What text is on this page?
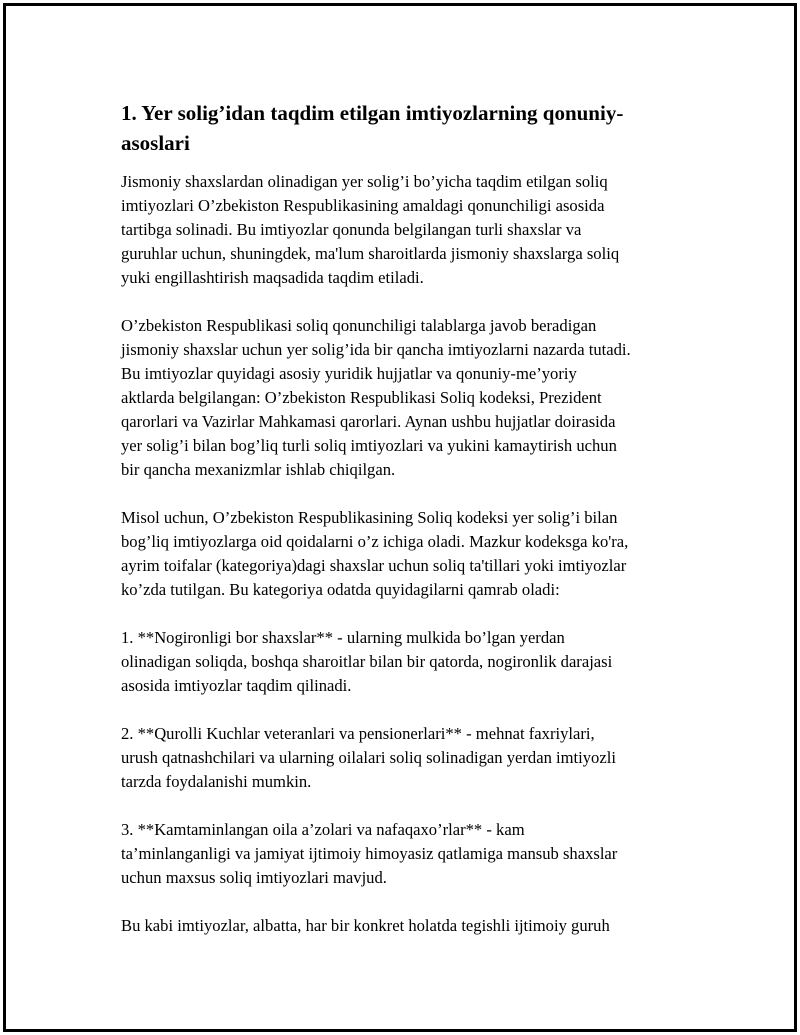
1. Yer solig’idan taqdim etilgan imtiyozlarning qonuniy- asoslari

Jismoniy shaxslardan olinadigan yer solig’i bo’yicha taqdim etilgan soliq
imtiyozlari O’zbekiston Respublikasining amaldagi qonunchiligi asosida
tartibga solinadi. Bu imtiyozlar qonunda belgilangan turli shaxslar va
guruhlar uchun, shuningdek, ma'lum sharoitlarda jismoniy shaxslarga soliq
yuki engillashtirish maqsadida taqdim etiladi.

O’zbekiston Respublikasi soliq qonunchiligi talablarga javob beradigan
jismoniy shaxslar uchun yer solig’ida bir qancha imtiyozlarni nazarda tutadi.
Bu imtiyozlar quyidagi asosiy yuridik hujjatlar va qonuniy-me’yoriy
aktlarda belgilangan: O’zbekiston Respublikasi Soliq kodeksi, Prezident
qarorlari va Vazirlar Mahkamasi qarorlari. Aynan ushbu hujjatlar doirasida
yer solig’i bilan bog’liq turli soliq imtiyozlari va yukini kamaytirish uchun
bir qancha mexanizmlar ishlab chiqilgan.

Misol uchun, O’zbekiston Respublikasining Soliq kodeksi yer solig’i bilan
bog’liq imtiyozlarga oid qoidalarni o’z ichiga oladi. Mazkur kodeksga ko'ra,
ayrim toifalar (kategoriya)dagi shaxslar uchun soliq ta'tillari yoki imtiyozlar
ko’zda tutilgan. Bu kategoriya odatda quyidagilarni qamrab oladi:

1. **Nogironligi bor shaxslar** - ularning mulkida bo’lgan yerdan
olinadigan soliqda, boshqa sharoitlar bilan bir qatorda, nogironlik darajasi
asosida imtiyozlar taqdim qilinadi.

2. **Qurolli Kuchlar veteranlari va pensionerlari** - mehnat faxriylari,
urush qatnashchilari va ularning oilalari soliq solinadigan yerdan imtiyozli
tarzda foydalanishi mumkin.

3. **Kamtaminlangan oila a’zolari va nafaqaxo’rlar** - kam
ta’minlanganligi va jamiyat ijtimoiy himoyasiz qatlamiga mansub shaxslar
uchun maxsus soliq imtiyozlari mavjud.

Bu kabi imtiyozlar, albatta, har bir konkret holatda tegishli ijtimoiy guruh
